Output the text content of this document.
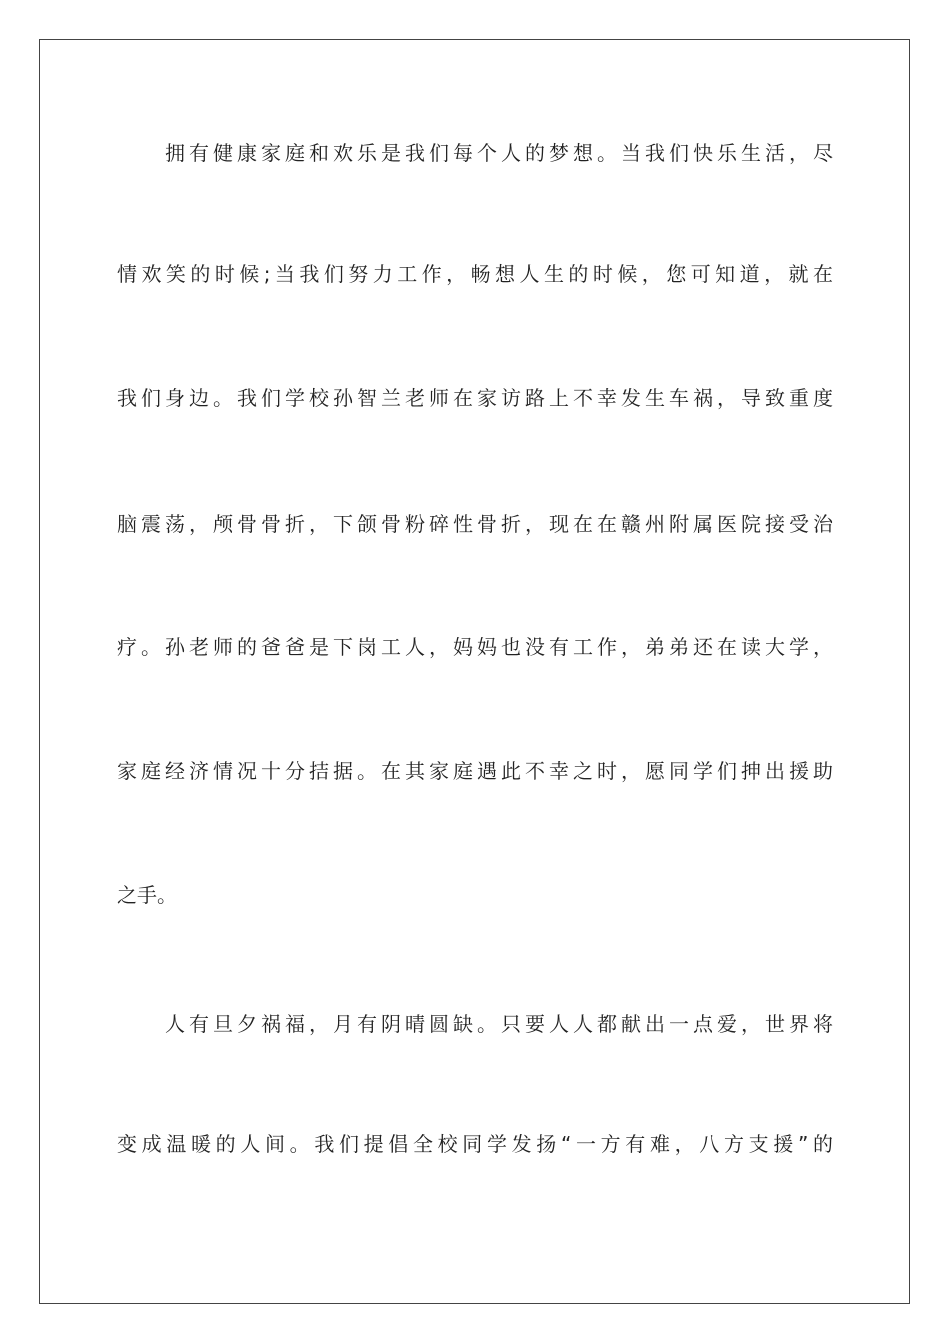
　　拥有健康家庭和欢乐是我们每个人的梦想。当我们快乐生活，尽
情欢笑的时候;当我们努力工作，畅想人生的时候，您可知道，就在
我们身边。我们学校孙智兰老师在家访路上不幸发生车祸，导致重度
脑震荡，颅骨骨折，下颌骨粉碎性骨折，现在在赣州附属医院接受治
疗。孙老师的爸爸是下岗工人，妈妈也没有工作，弟弟还在读大学，
家庭经济情况十分拮据。在其家庭遇此不幸之时，愿同学们抻出援助
之手。
　　人有旦夕祸福，月有阴晴圆缺。只要人人都献出一点爱，世界将
变成温暖的人间。我们提倡全校同学发扬“一方有难，八方支援”的
